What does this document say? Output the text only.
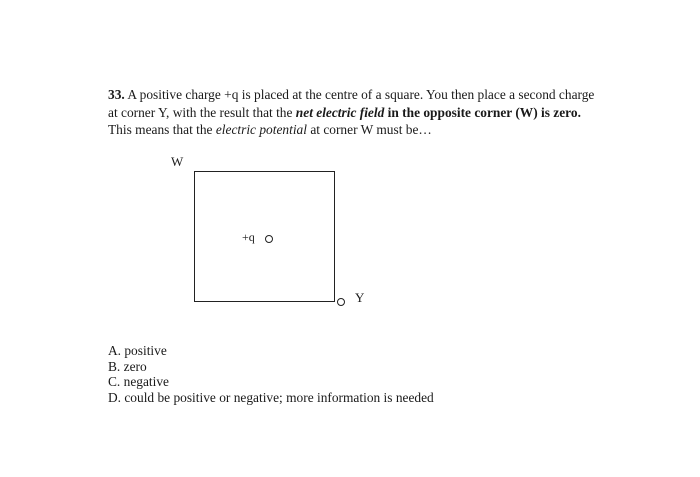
33. A positive charge +q is placed at the centre of a square. You then place a second charge at corner Y, with the result that the net electric field in the opposite corner (W) is zero. This means that the electric potential at corner W must be…

W
+q
Y
A. positive
B. zero
C. negative
D. could be positive or negative; more information is needed
